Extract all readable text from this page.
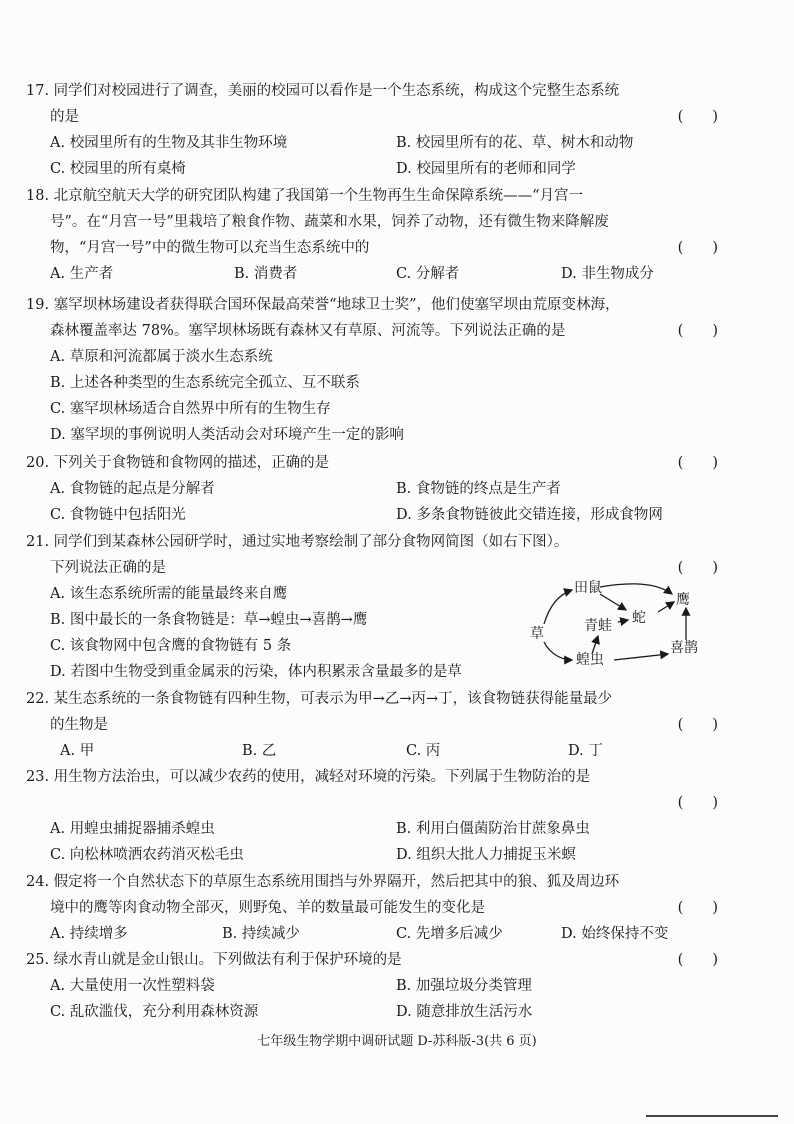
17. 同学们对校园进行了调查，美丽的校园可以看作是一个生态系统，构成这个完整生态系统
的是	(　　)
A. 校园里所有的生物及其非生物环境	B. 校园里所有的花、草、树木和动物
C. 校园里的所有桌椅	D. 校园里所有的老师和同学
18. 北京航空航天大学的研究团队构建了我国第一个生物再生生命保障系统——“月宫一
号”。在“月宫一号”里栽培了粮食作物、蔬菜和水果，饲养了动物，还有微生物来降解废
物，“月宫一号”中的微生物可以充当生态系统中的	(　　)
A. 生产者	B. 消费者	C. 分解者	D. 非生物成分
19. 塞罕坝林场建设者获得联合国环保最高荣誉“地球卫士奖”，他们使塞罕坝由荒原变林海，
森林覆盖率达 78%。塞罕坝林场既有森林又有草原、河流等。下列说法正确的是	(　　)
A. 草原和河流都属于淡水生态系统
B. 上述各种类型的生态系统完全孤立、互不联系
C. 塞罕坝林场适合自然界中所有的生物生存
D. 塞罕坝的事例说明人类活动会对环境产生一定的影响
20. 下列关于食物链和食物网的描述，正确的是	(　　)
A. 食物链的起点是分解者	B. 食物链的终点是生产者
C. 食物链中包括阳光	D. 多条食物链彼此交错连接，形成食物网
21. 同学们到某森林公园研学时，通过实地考察绘制了部分食物网简图（如右下图）。
下列说法正确的是	(　　)
A. 该生态系统所需的能量最终来自鹰
B. 图中最长的一条食物链是：草→蝗虫→喜鹊→鹰
C. 该食物网中包含鹰的食物链有 5 条
D. 若图中生物受到重金属汞的污染，体内积累汞含量最多的是草
草
田鼠
青蛙 蛇
鹰
蝗虫
喜鹊
22. 某生态系统的一条食物链有四种生物，可表示为甲→乙→丙→丁，该食物链获得能量最少
的生物是	(　　)
A. 甲	B. 乙	C. 丙	D. 丁
23. 用生物方法治虫，可以减少农药的使用，减轻对环境的污染。下列属于生物防治的是
(　　)
A. 用蝗虫捕捉器捕杀蝗虫	B. 利用白僵菌防治甘蔗象鼻虫
C. 向松林喷洒农药消灭松毛虫	D. 组织大批人力捕捉玉米螟
24. 假定将一个自然状态下的草原生态系统用围挡与外界隔开，然后把其中的狼、狐及周边环
境中的鹰等肉食动物全部灭，则野兔、羊的数量最可能发生的变化是	(　　)
A. 持续增多	B. 持续减少	C. 先增多后减少	D. 始终保持不变
25. 绿水青山就是金山银山。下列做法有利于保护环境的是	(　　)
A. 大量使用一次性塑料袋	B. 加强垃圾分类管理
C. 乱砍滥伐，充分利用森林资源	D. 随意排放生活污水
七年级生物学期中调研试题 D-苏科版-3(共 6 页)
